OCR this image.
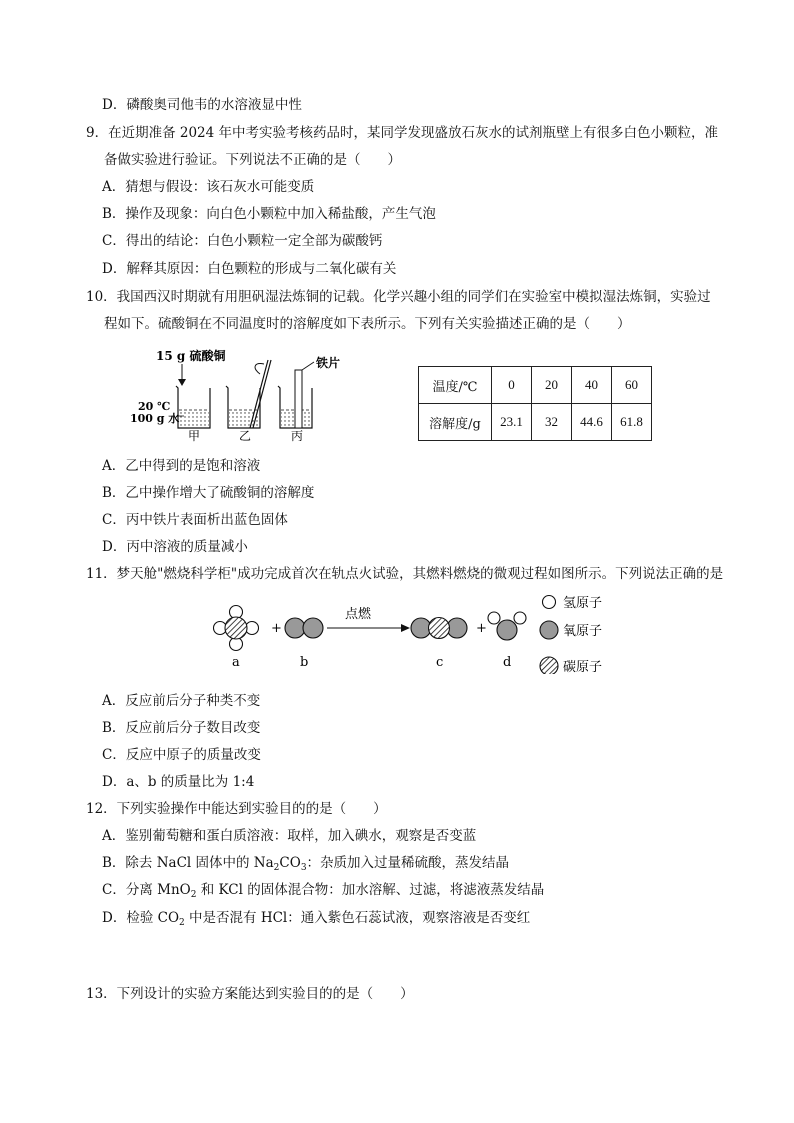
D．磷酸奥司他韦的水溶液显中性
9．在近期准备 2024 年中考实验考核药品时，某同学发现盛放石灰水的试剂瓶壁上有很多白色小颗粒，准
备做实验进行验证。下列说法不正确的是（　　）
A．猜想与假设：该石灰水可能变质
B．操作及现象：向白色小颗粒中加入稀盐酸，产生气泡
C．得出的结论：白色小颗粒一定全部为碳酸钙
D．解释其原因：白色颗粒的形成与二氧化碳有关
10．我国西汉时期就有用胆矾湿法炼铜的记载。化学兴趣小组的同学们在实验室中模拟湿法炼铜，实验过
程如下。硫酸铜在不同温度时的溶解度如下表所示。下列有关实验描述正确的是（　　）
15 g 硫酸铜
20 ℃
100 g 水
甲	乙
铁片
丙
温度/℃	0	20	40	60
溶解度/g	23.1	32	44.6	61.8
A．乙中得到的是饱和溶液
B．乙中操作增大了硫酸铜的溶解度
C．丙中铁片表面析出蓝色固体
D．丙中溶液的质量减小
11．梦天舱"燃烧科学柜"成功完成首次在轨点火试验，其燃料燃烧的微观过程如图所示。下列说法正确的是
+
点燃
+
a	b	c	d
氢原子
氧原子
碳原子
A．反应前后分子种类不变
B．反应前后分子数目改变
C．反应中原子的质量改变
D．a、b 的质量比为 1:4
12．下列实验操作中能达到实验目的的是（　　）
A．鉴别葡萄糖和蛋白质溶液：取样，加入碘水，观察是否变蓝
B．除去 NaCl 固体中的 $Na_2CO_3$：杂质加入过量稀硫酸，蒸发结晶
C．分离 MnO$_2$ 和 KCl 的固体混合物：加水溶解、过滤，将滤液蒸发结晶
D．检验 $CO_2$ 中是否混有 HCl：通入紫色石蕊试液，观察溶液是否变红
13．下列设计的实验方案能达到实验目的的是（　　）
